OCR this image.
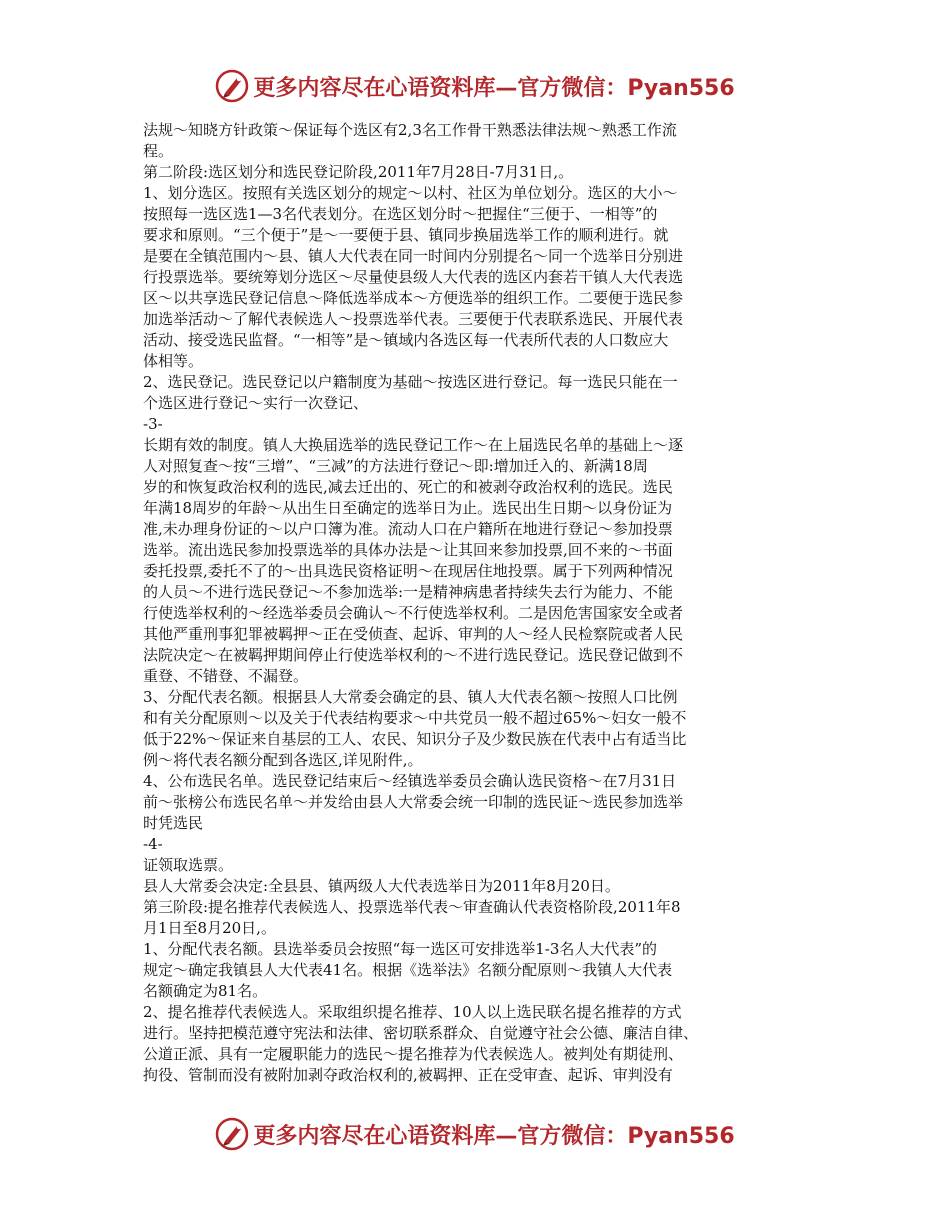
更多内容尽在心语资料库—官方微信：Pyan556
法规～知晓方针政策～保证每个选区有2,3名工作骨干熟悉法律法规～熟悉工作流
程。
第二阶段:选区划分和选民登记阶段,2011年7月28日-7月31日,。
1、划分选区。按照有关选区划分的规定～以村、社区为单位划分。选区的大小～
按照每一选区选1—3名代表划分。在选区划分时～把握住“三便于、一相等”的
要求和原则。“三个便于”是～一要便于县、镇同步换届选举工作的顺利进行。就
是要在全镇范围内～县、镇人大代表在同一时间内分别提名～同一个选举日分别进
行投票选举。要统筹划分选区～尽量使县级人大代表的选区内套若干镇人大代表选
区～以共享选民登记信息～降低选举成本～方便选举的组织工作。二要便于选民参
加选举活动～了解代表候选人～投票选举代表。三要便于代表联系选民、开展代表
活动、接受选民监督。“一相等”是～镇域内各选区每一代表所代表的人口数应大
体相等。
2、选民登记。选民登记以户籍制度为基础～按选区进行登记。每一选民只能在一
个选区进行登记～实行一次登记、
-3-
长期有效的制度。镇人大换届选举的选民登记工作～在上届选民名单的基础上～逐
人对照复查～按“三增”、“三减”的方法进行登记～即:增加迁入的、新满18周
岁的和恢复政治权利的选民,减去迁出的、死亡的和被剥夺政治权利的选民。选民
年满18周岁的年龄～从出生日至确定的选举日为止。选民出生日期～以身份证为
准,未办理身份证的～以户口簿为准。流动人口在户籍所在地进行登记～参加投票
选举。流出选民参加投票选举的具体办法是～让其回来参加投票,回不来的～书面
委托投票,委托不了的～出具选民资格证明～在现居住地投票。属于下列两种情况
的人员～不进行选民登记～不参加选举:一是精神病患者持续失去行为能力、不能
行使选举权利的～经选举委员会确认～不行使选举权利。二是因危害国家安全或者
其他严重刑事犯罪被羁押～正在受侦查、起诉、审判的人～经人民检察院或者人民
法院决定～在被羁押期间停止行使选举权利的～不进行选民登记。选民登记做到不
重登、不错登、不漏登。
3、分配代表名额。根据县人大常委会确定的县、镇人大代表名额～按照人口比例
和有关分配原则～以及关于代表结构要求～中共党员一般不超过65%～妇女一般不
低于22%～保证来自基层的工人、农民、知识分子及少数民族在代表中占有适当比
例～将代表名额分配到各选区,详见附件,。
4、公布选民名单。选民登记结束后～经镇选举委员会确认选民资格～在7月31日
前～张榜公布选民名单～并发给由县人大常委会统一印制的选民证～选民参加选举
时凭选民
-4-
证领取选票。
县人大常委会决定:全县县、镇两级人大代表选举日为2011年8月20日。
第三阶段:提名推荐代表候选人、投票选举代表～审查确认代表资格阶段,2011年8
月1日至8月20日,。
1、分配代表名额。县选举委员会按照“每一选区可安排选举1-3名人大代表”的
规定～确定我镇县人大代表41名。根据《选举法》名额分配原则～我镇人大代表
名额确定为81名。
2、提名推荐代表候选人。采取组织提名推荐、10人以上选民联名提名推荐的方式
进行。坚持把模范遵守宪法和法律、密切联系群众、自觉遵守社会公德、廉洁自律、
公道正派、具有一定履职能力的选民～提名推荐为代表候选人。被判处有期徒刑、
拘役、管制而没有被附加剥夺政治权利的,被羁押、正在受审查、起诉、审判没有
更多内容尽在心语资料库—官方微信：Pyan556
